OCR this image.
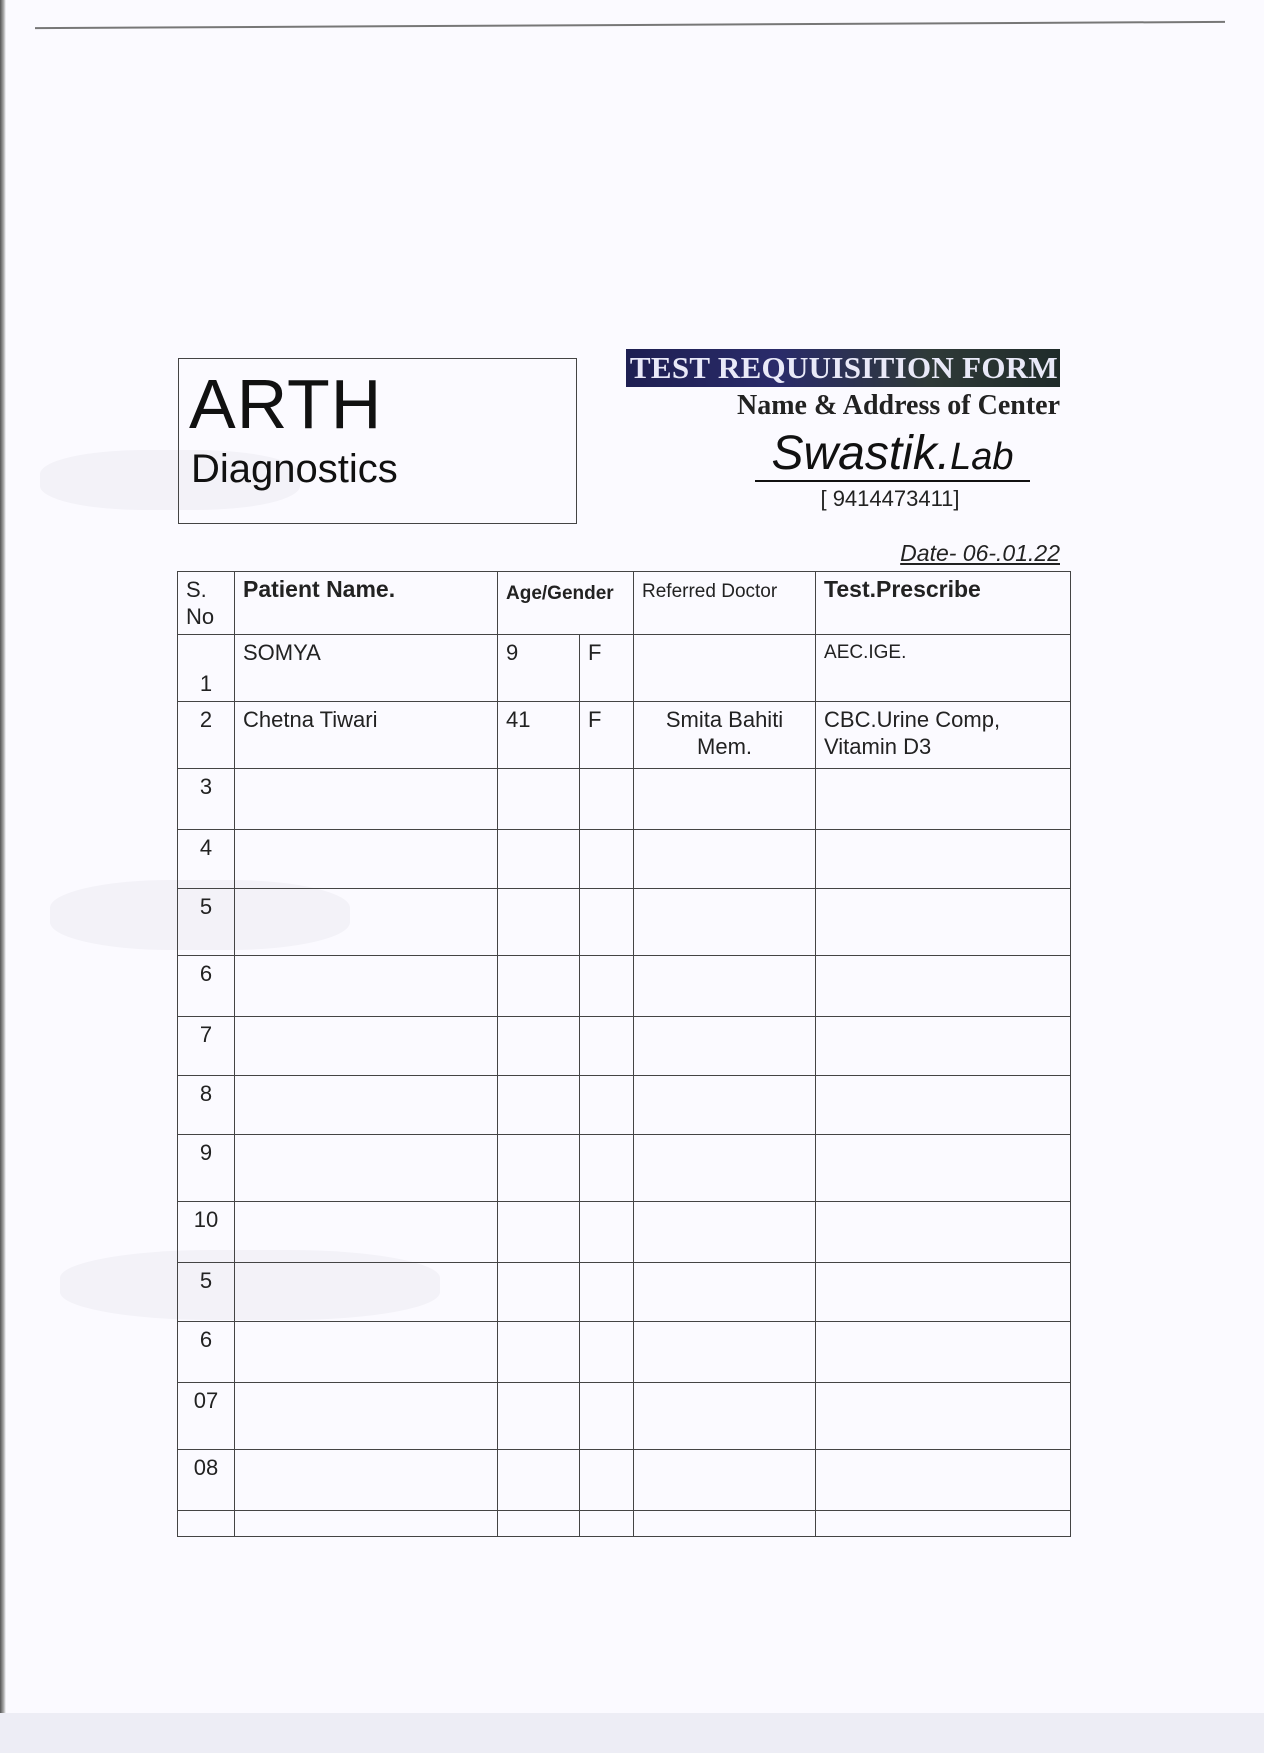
ARTH
Diagnostics
TEST REQUUISITION FORM
Name & Address of Center
Swastik.Lab
[ 9414473411]
Date- 06-.01.22
S. No	Patient Name.	Age/Gender		Referred Doctor	Test.Prescribe
1	SOMYA	9	F		AEC.IGE.
2	Chetna Tiwari	41	F	Smita Bahiti Mem.	CBC.Urine Comp, Vitamin D3
3					
4					
5					
6					
7					
8					
9					
10					
5					
6					
07					
08					
